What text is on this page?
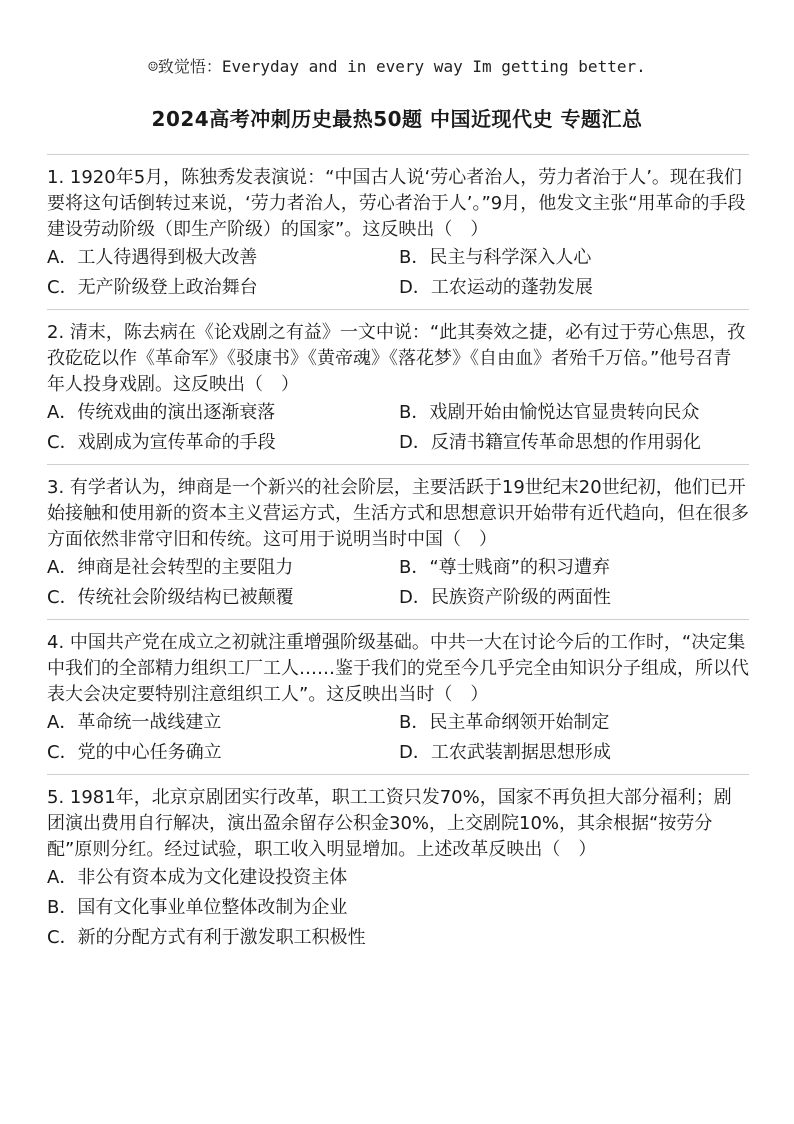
☺致觉悟：Everyday and in every way Im getting better.
2024高考冲刺历史最热50题 中国近现代史 专题汇总

1. 1920年5月，陈独秀发表演说：“中国古人说‘劳心者治人，劳力者治于人’。现在我们要将这句话倒转过来说，‘劳力者治人，劳心者治于人’。”9月，他发文主张“用革命的手段建设劳动阶级（即生产阶级）的国家”。这反映出（　）

A．工人待遇得到极大改善	B．民主与科学深入人心
C．无产阶级登上政治舞台	D．工农运动的蓬勃发展

2. 清末，陈去病在《论戏剧之有益》一文中说：“此其奏效之捷，必有过于劳心焦思，孜孜矻矻以作《革命军》《驳康书》《黄帝魂》《落花梦》《自由血》者殆千万倍。”他号召青年人投身戏剧。这反映出（　）

A．传统戏曲的演出逐渐衰落	B．戏剧开始由愉悦达官显贵转向民众
C．戏剧成为宣传革命的手段	D．反清书籍宣传革命思想的作用弱化

3. 有学者认为，绅商是一个新兴的社会阶层，主要活跃于19世纪末20世纪初，他们已开始接触和使用新的资本主义营运方式，生活方式和思想意识开始带有近代趋向，但在很多方面依然非常守旧和传统。这可用于说明当时中国（　）

A．绅商是社会转型的主要阻力	B．“尊士贱商”的积习遭弃
C．传统社会阶级结构已被颠覆	D．民族资产阶级的两面性

4. 中国共产党在成立之初就注重增强阶级基础。中共一大在讨论今后的工作时，“决定集中我们的全部精力组织工厂工人……鉴于我们的党至今几乎完全由知识分子组成，所以代表大会决定要特别注意组织工人”。这反映出当时（　）

A．革命统一战线建立	B．民主革命纲领开始制定
C．党的中心任务确立	D．工农武装割据思想形成

5. 1981年，北京京剧团实行改革，职工工资只发70%，国家不再负担大部分福利；剧团演出费用自行解决，演出盈余留存公积金30%，上交剧院10%，其余根据“按劳分配”原则分红。经过试验，职工收入明显增加。上述改革反映出（　）

A．非公有资本成为文化建设投资主体
B．国有文化事业单位整体改制为企业
C．新的分配方式有利于激发职工积极性
